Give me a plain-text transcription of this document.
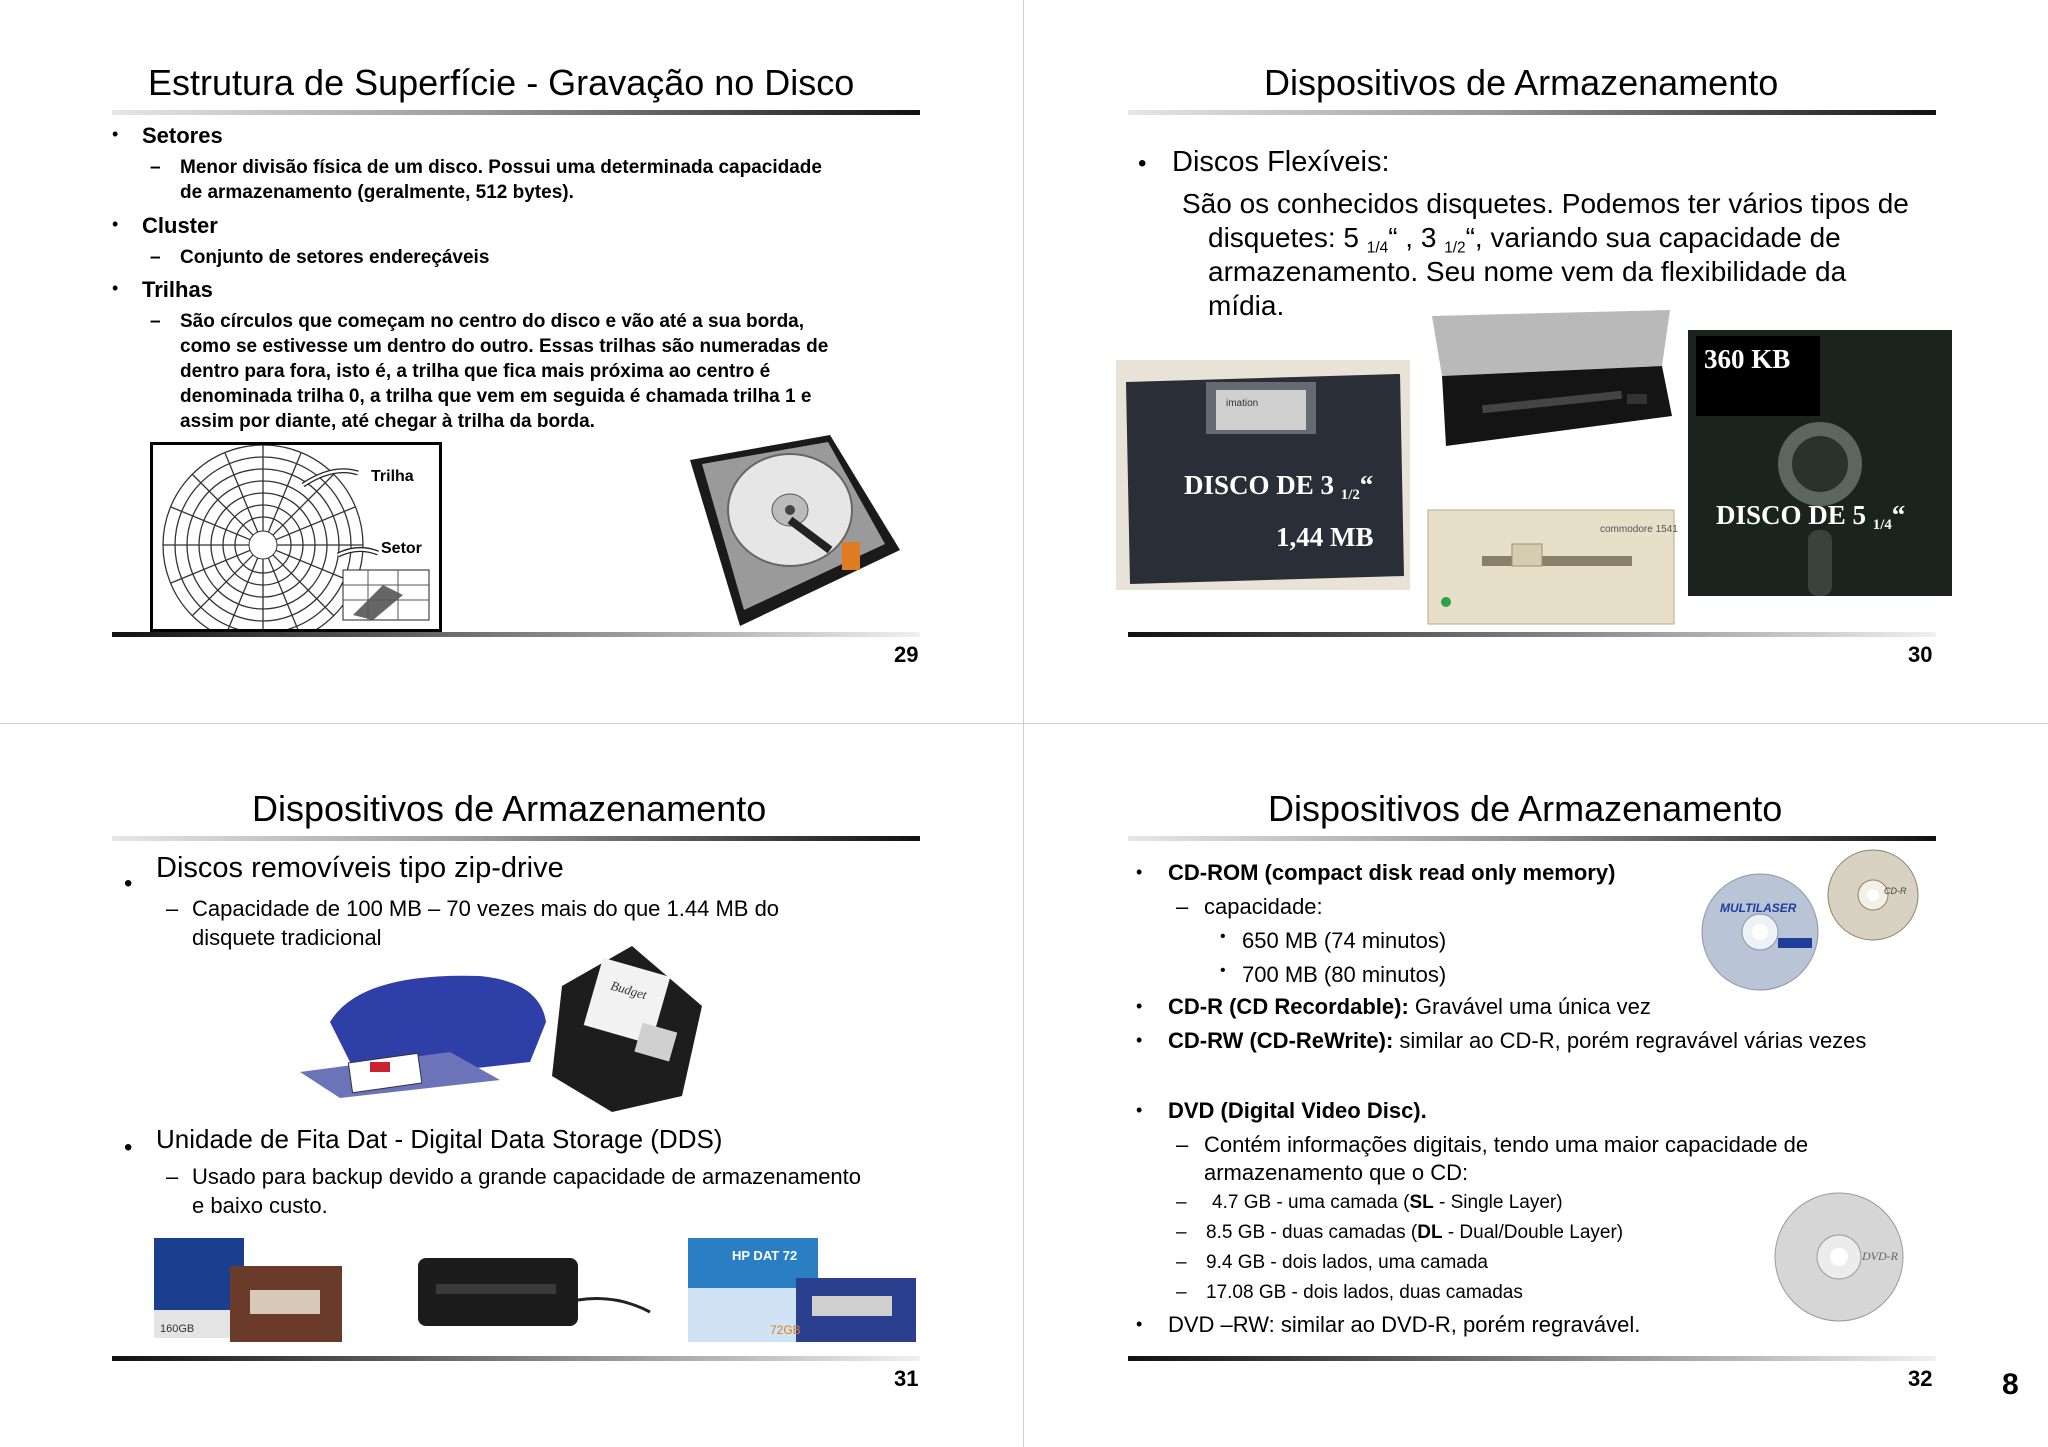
Estrutura de Superfície - Gravação no Disco
• Setores
– Menor divisão física de um disco. Possui uma determinada capacidade
de armazenamento (geralmente, 512 bytes).
• Cluster
– Conjunto de setores endereçáveis
• Trilhas
– São círculos que começam no centro do disco e vão até a sua borda,
como se estivesse um dentro do outro. Essas trilhas são numeradas de
dentro para fora, isto é, a trilha que fica mais próxima ao centro é
denominada trilha 0, a trilha que vem em seguida é chamada trilha 1 e
assim por diante, até chegar à trilha da borda.
Trilha
Setor
29
Dispositivos de Armazenamento
• Discos Flexíveis:
São os conhecidos disquetes. Podemos ter vários tipos de
disquetes: 5 $_{1/4}$“ , 3 $_{1/2}$“, variando sua capacidade de
armazenamento. Seu nome vem da flexibilidade da
mídia.
imation
DISCO DE 3 $_{1/2}$“
1,44 MB	commodore 1541
360 KB
DISCO DE 5 $_{1/4}$“
30
Dispositivos de Armazenamento
• Discos removíveis tipo zip-drive
– Capacidade de 100 MB – 70 vezes mais do que 1.44 MB do
disquete tradicional
Budget
• Unidade de Fita Dat - Digital Data Storage (DDS)
– Usado para backup devido a grande capacidade de armazenamento
e baixo custo.
160GB
HP DAT 72
72GB
31
Dispositivos de Armazenamento
• CD-ROM (compact disk read only memory)
– capacidade:
• 650 MB (74 minutos)
• 700 MB (80 minutos)
• CD-R (CD Recordable): Gravável uma única vez
• CD-RW (CD-ReWrite): similar ao CD-R, porém regravável várias vezes
MULTILASER
CD-R
• DVD (Digital Video Disc).
– Contém informações digitais, tendo uma maior capacidade de
armazenamento que o CD:
– 4.7 GB - uma camada (SL - Single Layer)
– 8.5 GB - duas camadas (DL - Dual/Double Layer)
– 9.4 GB - dois lados, uma camada
– 17.08 GB - dois lados, duas camadas
• DVD –RW: similar ao DVD-R, porém regravável.
DVD-R
32 8
